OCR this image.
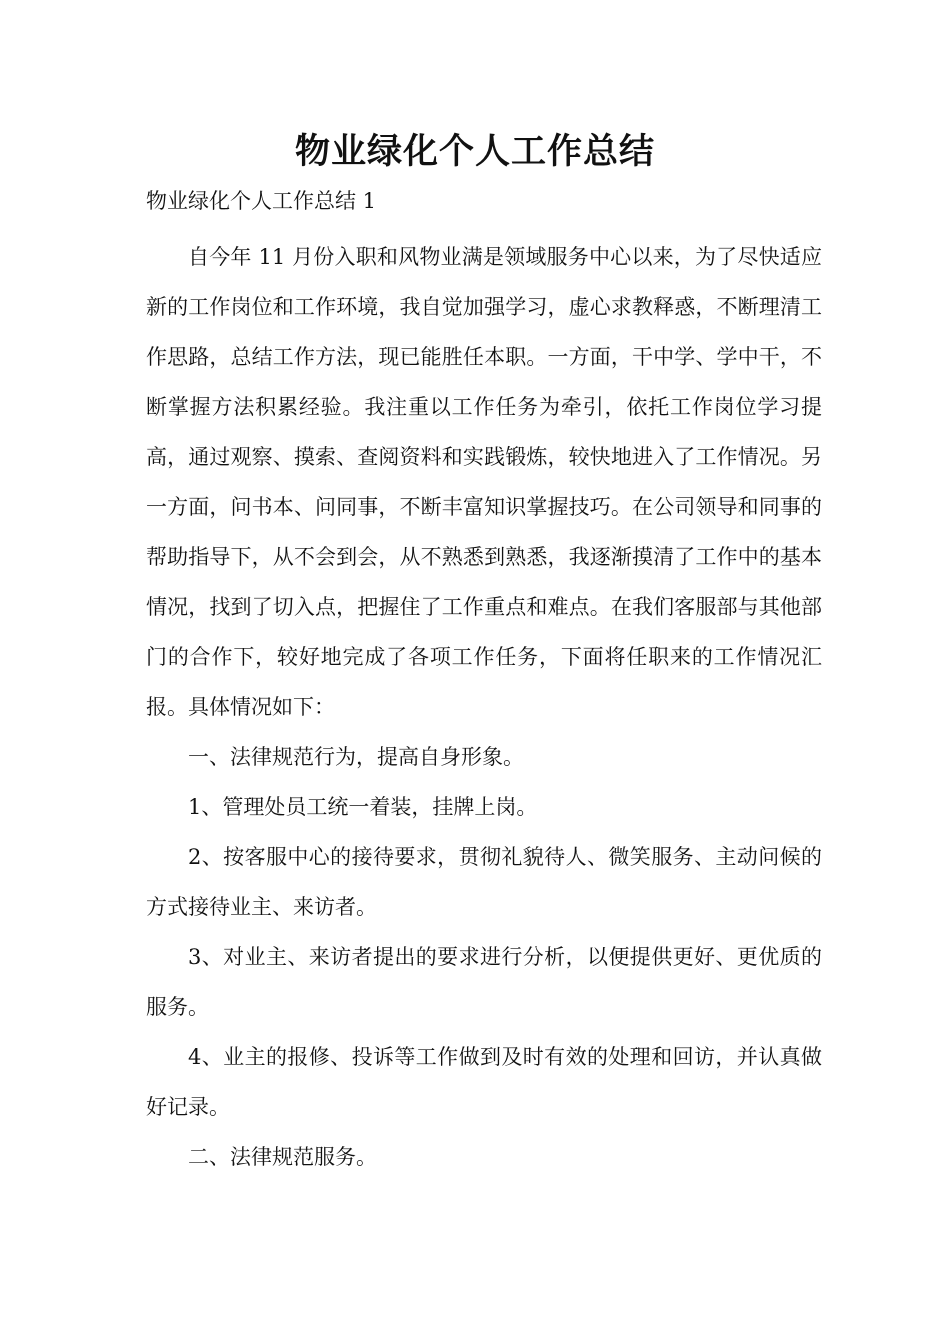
物业绿化个人工作总结

物业绿化个人工作总结 1

自今年 11 月份入职和风物业满是领域服务中心以来，为了尽快适应新的工作岗位和工作环境，我自觉加强学习，虚心求教释惑，不断理清工作思路，总结工作方法，现已能胜任本职。一方面，干中学、学中干，不断掌握方法积累经验。我注重以工作任务为牵引，依托工作岗位学习提高，通过观察、摸索、查阅资料和实践锻炼，较快地进入了工作情况。另一方面，问书本、问同事，不断丰富知识掌握技巧。在公司领导和同事的帮助指导下，从不会到会，从不熟悉到熟悉，我逐渐摸清了工作中的基本情况，找到了切入点，把握住了工作重点和难点。在我们客服部与其他部门的合作下，较好地完成了各项工作任务，下面将任职来的工作情况汇报。具体情况如下：

一、法律规范行为，提高自身形象。

1、管理处员工统一着装，挂牌上岗。

2、按客服中心的接待要求，贯彻礼貌待人、微笑服务、主动问候的方式接待业主、来访者。

3、对业主、来访者提出的要求进行分析，以便提供更好、更优质的服务。

4、业主的报修、投诉等工作做到及时有效的处理和回访，并认真做好记录。

二、法律规范服务。
